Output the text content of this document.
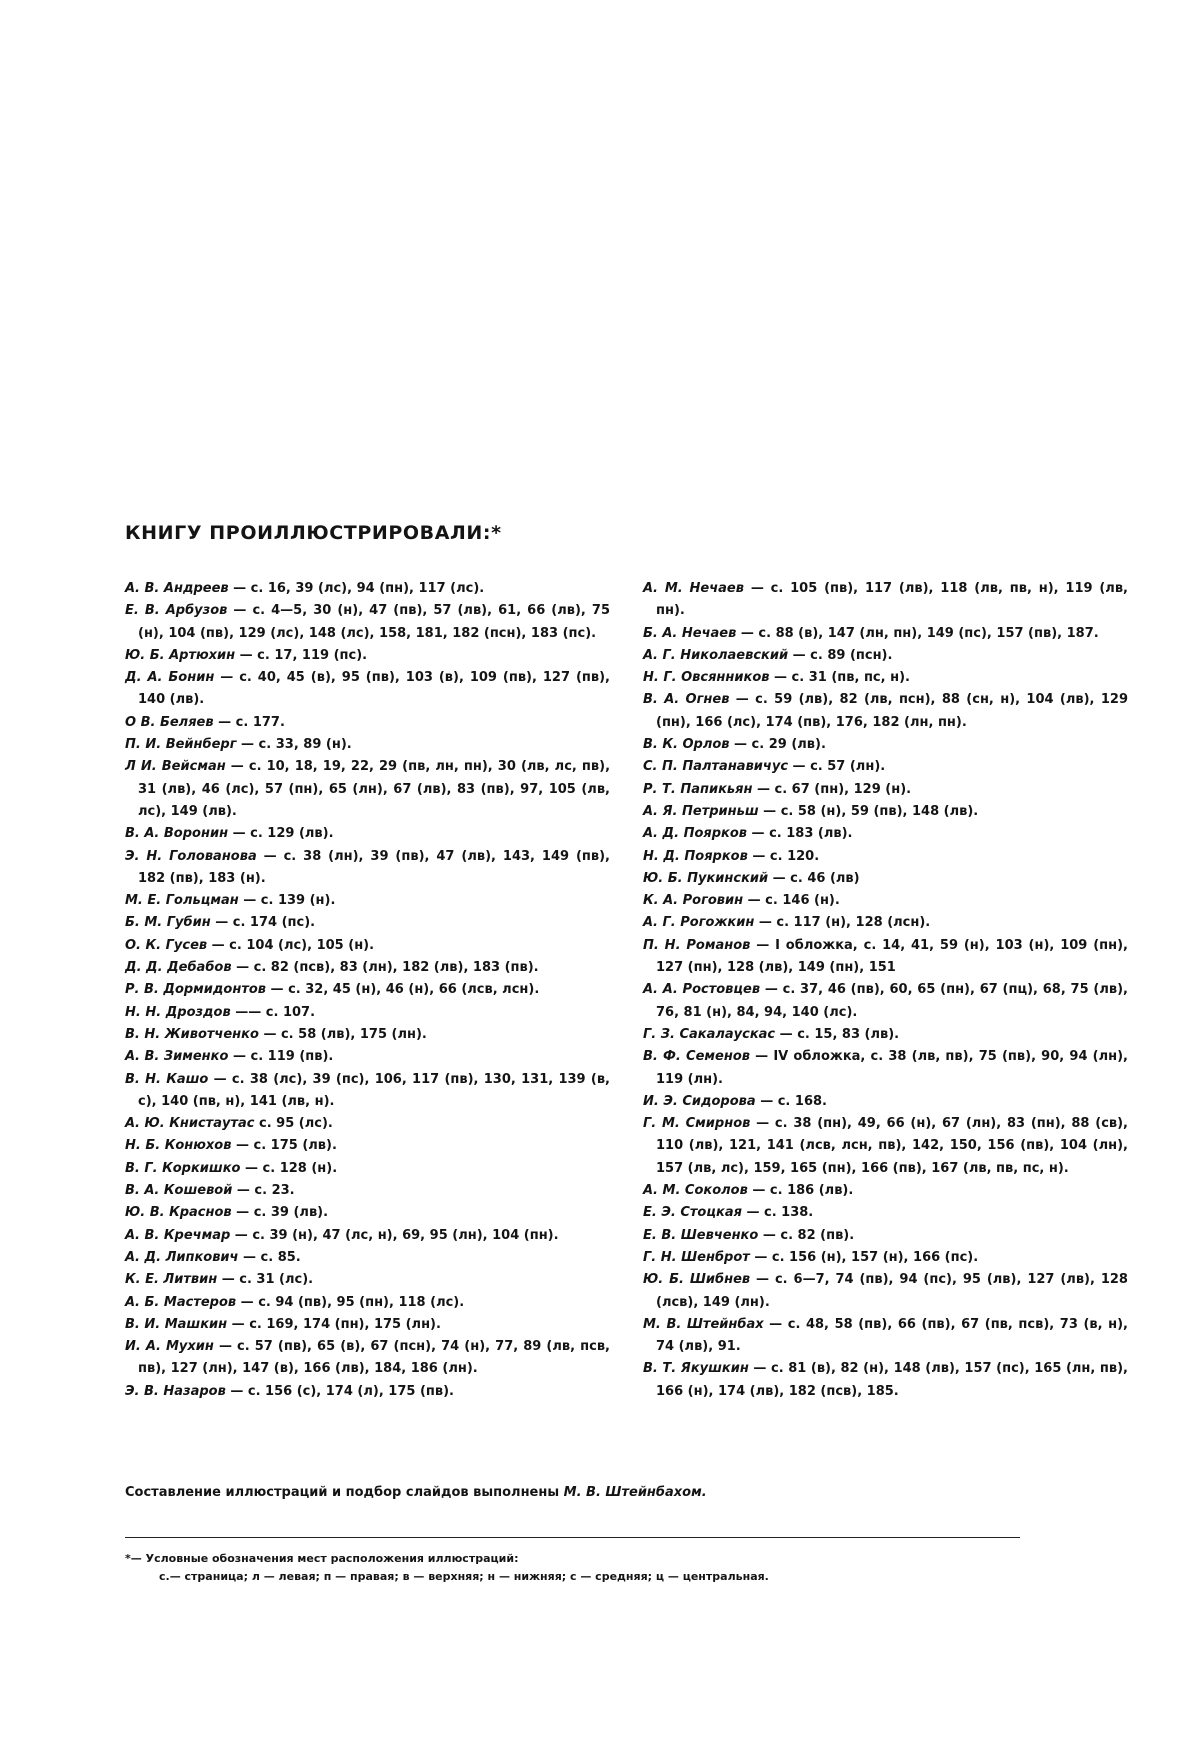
КНИГУ ПРОИЛЛЮСТРИРОВАЛИ:*

А. В. Андреев — с. 16, 39 (лс), 94 (пн), 117 (лс).

Е. В. Арбузов — с. 4—5, 30 (н), 47 (пв), 57 (лв), 61, 66 (лв), 75 (н), 104 (пв), 129 (лс), 148 (лс), 158, 181, 182 (псн), 183 (пс).

Ю. Б. Артюхин — с. 17, 119 (пс).

Д. А. Бонин — с. 40, 45 (в), 95 (пв), 103 (в), 109 (пв), 127 (пв), 140 (лв).

О В. Беляев — с. 177.

П. И. Вейнберг — с. 33, 89 (н).

Л И. Вейсман — с. 10, 18, 19, 22, 29 (пв, лн, пн), 30 (лв, лс, пв), 31 (лв), 46 (лс), 57 (пн), 65 (лн), 67 (лв), 83 (пв), 97, 105 (лв, лс), 149 (лв).

В. А. Воронин — с. 129 (лв).

Э. Н. Голованова — с. 38 (лн), 39 (пв), 47 (лв), 143, 149 (пв), 182 (пв), 183 (н).

М. Е. Гольцман — с. 139 (н).

Б. М. Губин — с. 174 (пс).

О. К. Гусев — с. 104 (лс), 105 (н).

Д. Д. Дебабов — с. 82 (псв), 83 (лн), 182 (лв), 183 (пв).

Р. В. Дормидонтов — с. 32, 45 (н), 46 (н), 66 (лсв, лсн).

Н. Н. Дроздов —— с. 107.

В. Н. Животченко — с. 58 (лв), 175 (лн).

А. В. Зименко — с. 119 (пв).

В. Н. Кашо — с. 38 (лс), 39 (пс), 106, 117 (пв), 130, 131, 139 (в, с), 140 (пв, н), 141 (лв, н).

А. Ю. Книстаутас с. 95 (лс).

Н. Б. Конюхов — с. 175 (лв).

В. Г. Коркишко — с. 128 (н).

В. А. Кошевой — с. 23.

Ю. В. Краснов — с. 39 (лв).

А. В. Кречмар — с. 39 (н), 47 (лс, н), 69, 95 (лн), 104 (пн).

А. Д. Липкович — с. 85.

К. Е. Литвин — с. 31 (лс).

А. Б. Мастеров — с. 94 (пв), 95 (пн), 118 (лс).

В. И. Машкин — с. 169, 174 (пн), 175 (лн).

И. А. Мухин — с. 57 (пв), 65 (в), 67 (псн), 74 (н), 77, 89 (лв, псв, пв), 127 (лн), 147 (в), 166 (лв), 184, 186 (лн).

Э. В. Назаров — с. 156 (с), 174 (л), 175 (пв).

А. М. Нечаев — с. 105 (пв), 117 (лв), 118 (лв, пв, н), 119 (лв, пн).

Б. А. Нечаев — с. 88 (в), 147 (лн, пн), 149 (пс), 157 (пв), 187.

А. Г. Николаевский — с. 89 (псн).

Н. Г. Овсянников — с. 31 (пв, пс, н).

В. А. Огнев — с. 59 (лв), 82 (лв, псн), 88 (сн, н), 104 (лв), 129 (пн), 166 (лс), 174 (пв), 176, 182 (лн, пн).

В. К. Орлов — с. 29 (лв).

С. П. Палтанавичус — с. 57 (лн).

Р. Т. Папикьян — с. 67 (пн), 129 (н).

А. Я. Петриньш — с. 58 (н), 59 (пв), 148 (лв).

А. Д. Поярков — с. 183 (лв).

Н. Д. Поярков — с. 120.

Ю. Б. Пукинский — с. 46 (лв)

К. А. Роговин — с. 146 (н).

А. Г. Рогожкин — с. 117 (н), 128 (лсн).

П. Н. Романов — I обложка, с. 14, 41, 59 (н), 103 (н), 109 (пн), 127 (пн), 128 (лв), 149 (пн), 151

А. А. Ростовцев — с. 37, 46 (пв), 60, 65 (пн), 67 (пц), 68, 75 (лв), 76, 81 (н), 84, 94, 140 (лс).

Г. З. Сакалаускас — с. 15, 83 (лв).

В. Ф. Семенов — IV обложка, с. 38 (лв, пв), 75 (пв), 90, 94 (лн), 119 (лн).

И. Э. Сидорова — с. 168.

Г. М. Смирнов — с. 38 (пн), 49, 66 (н), 67 (лн), 83 (пн), 88 (св), 110 (лв), 121, 141 (лсв, лсн, пв), 142, 150, 156 (пв), 104 (лн), 157 (лв, лс), 159, 165 (пн), 166 (пв), 167 (лв, пв, пс, н).

А. М. Соколов — с. 186 (лв).

Е. Э. Стоцкая — с. 138.

Е. В. Шевченко — с. 82 (пв).

Г. Н. Шенброт — с. 156 (н), 157 (н), 166 (пс).

Ю. Б. Шибнев — с. 6—7, 74 (пв), 94 (пс), 95 (лв), 127 (лв), 128 (лсв), 149 (лн).

М. В. Штейнбах — с. 48, 58 (пв), 66 (пв), 67 (пв, псв), 73 (в, н), 74 (лв), 91.

В. Т. Якушкин — с. 81 (в), 82 (н), 148 (лв), 157 (пс), 165 (лн, пв), 166 (н), 174 (лв), 182 (псв), 185.

Составление иллюстраций и подбор слайдов выполнены М. В. Штейнбахом.

*— Условные обозначения мест расположения иллюстраций:
с.— страница; л — левая; п — правая; в — верхняя; н — нижняя; с — средняя; ц — центральная.
